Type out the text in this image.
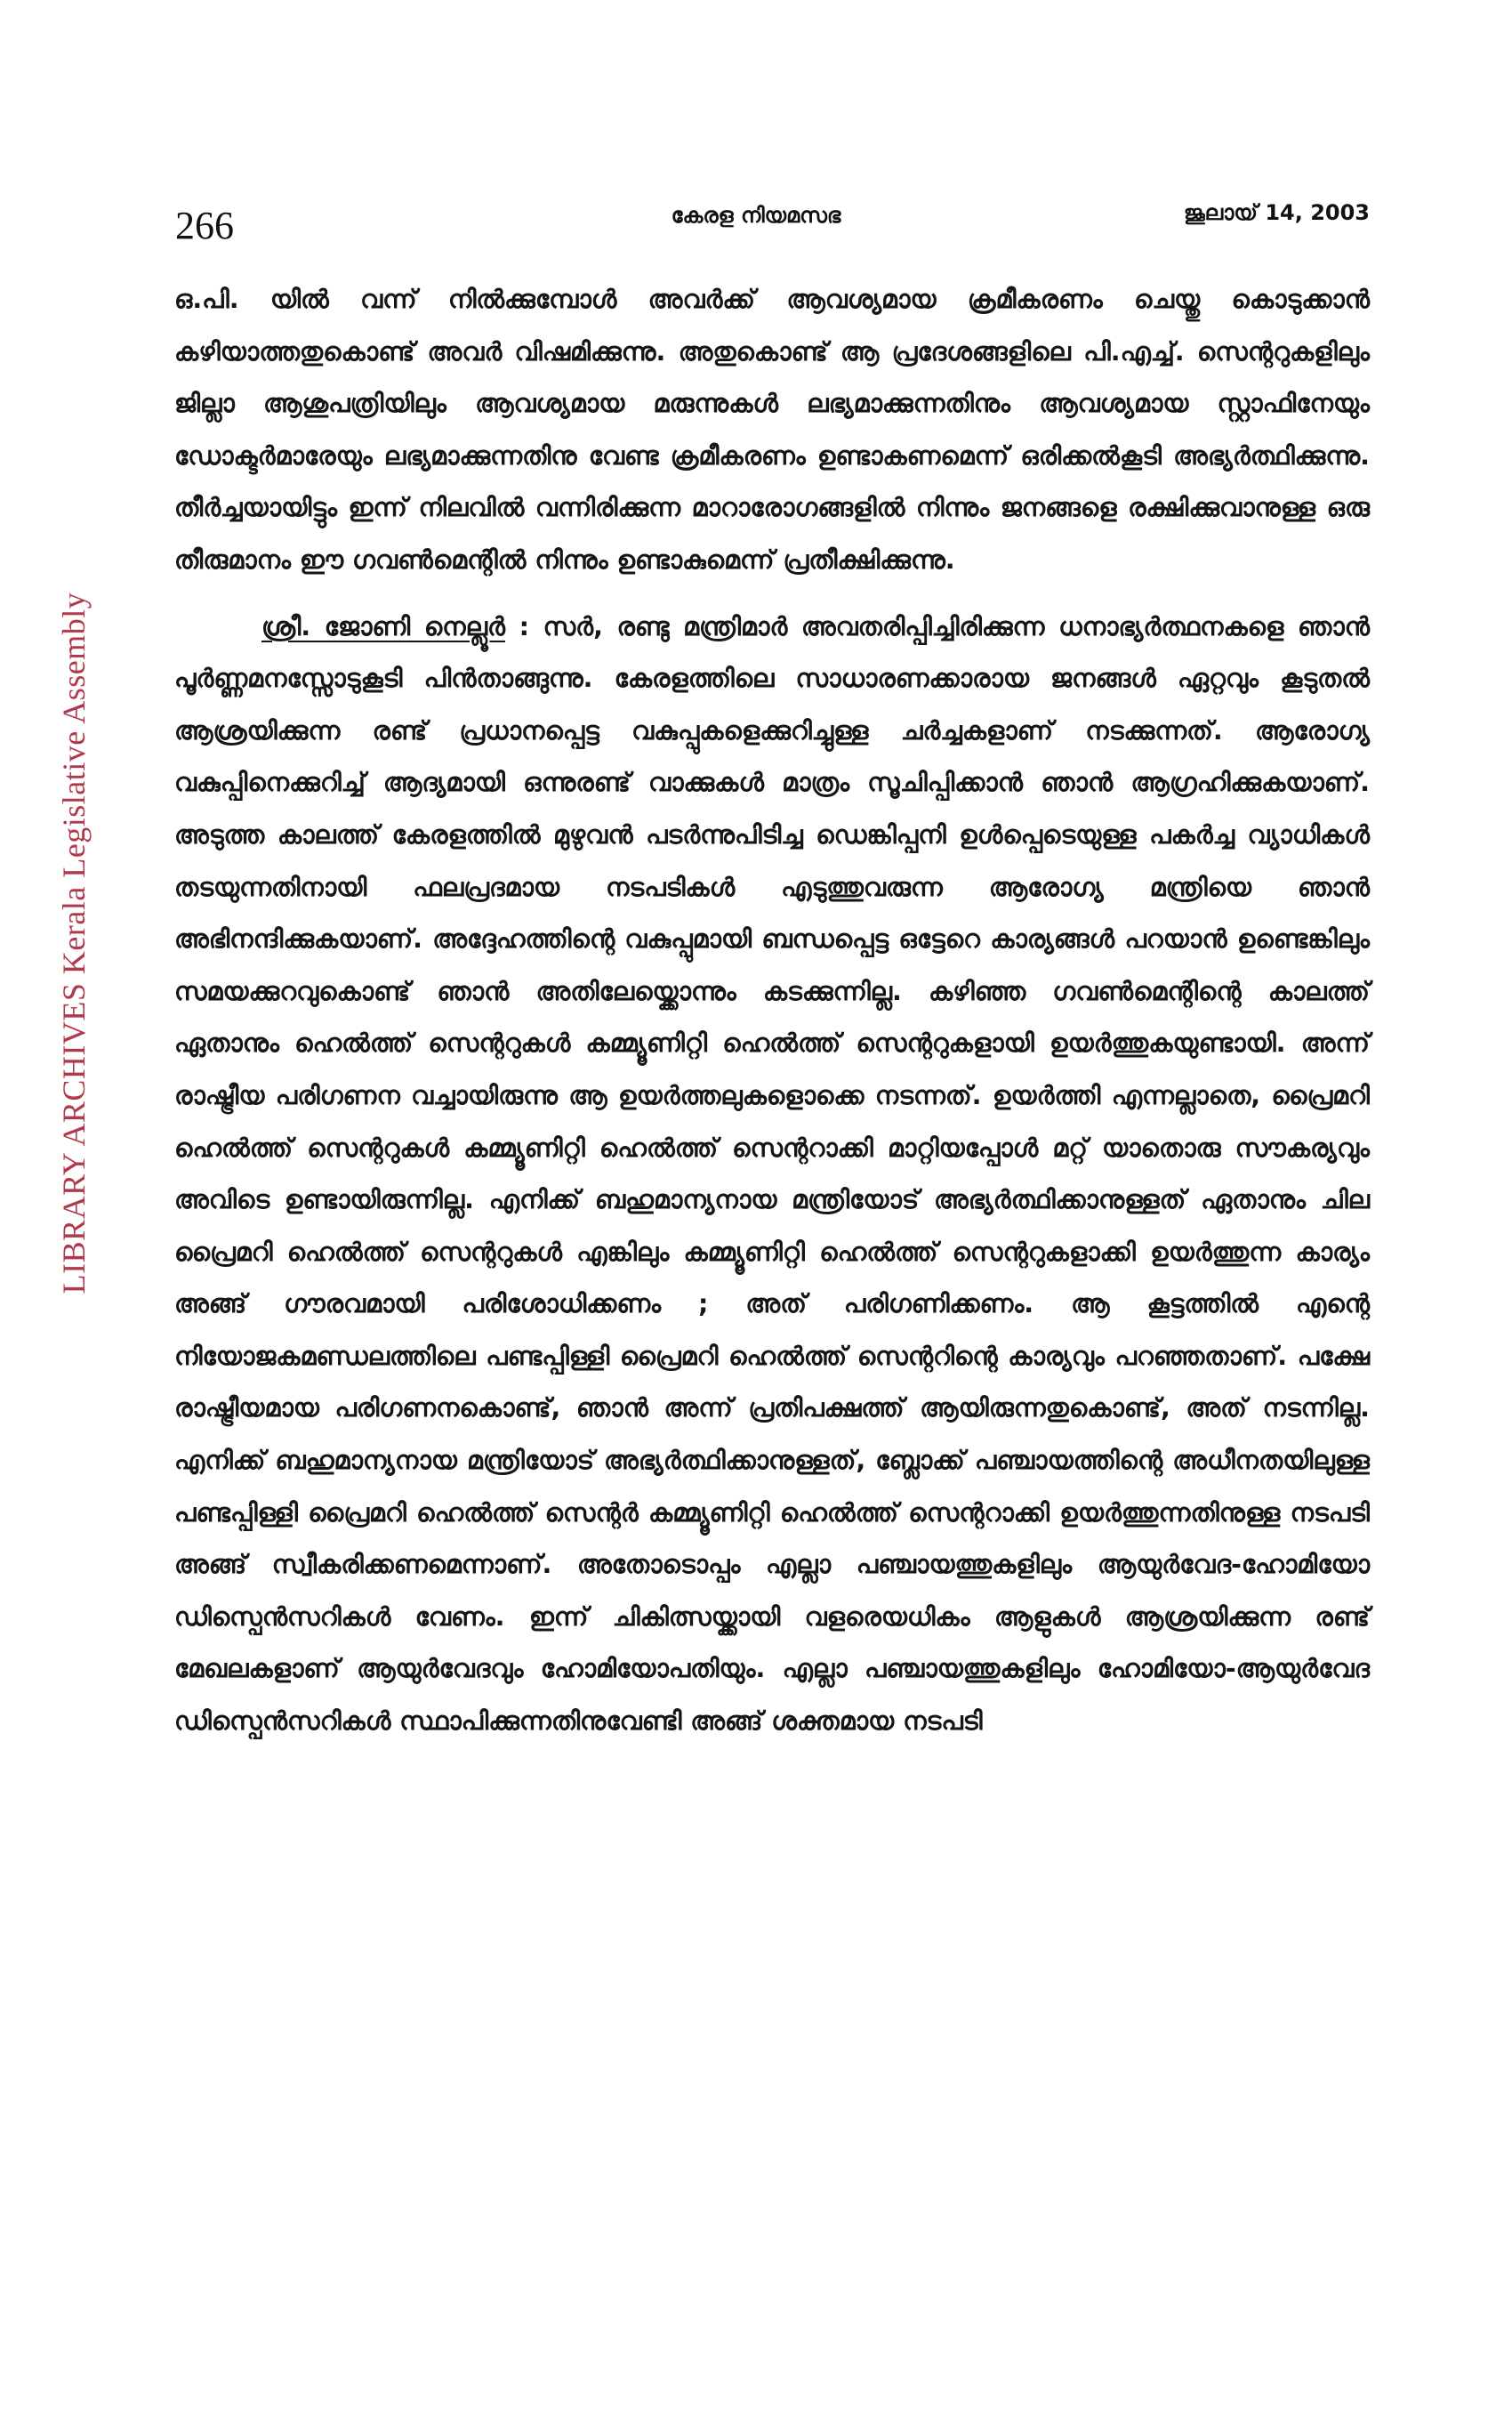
266	കേരള നിയമസഭ	ജൂലായ് 14, 2003
LIBRARY ARCHIVES Kerala Legislative Assembly

ഒ.പി. യിൽ വന്ന് നിൽക്കുമ്പോൾ അവർക്ക് ആവശ്യമായ ക്രമീകരണം ചെയ്തു കൊടുക്കാൻ കഴിയാത്തതുകൊണ്ട് അവർ വിഷമിക്കുന്നു. അതുകൊണ്ട് ആ പ്രദേശങ്ങളിലെ പി.എച്ച്. സെന്ററുകളിലും ജില്ലാ ആശുപത്രിയിലും ആവശ്യമായ മരുന്നുകൾ ലഭ്യമാക്കുന്നതിനും ആവശ്യമായ സ്റ്റാഫിനേയും ഡോക്ടർമാരേയും ലഭ്യമാക്കുന്നതിനു വേണ്ട ക്രമീകരണം ഉണ്ടാകണമെന്ന് ഒരിക്കൽകൂടി അഭ്യർത്ഥിക്കുന്നു. തീർച്ചയായിട്ടും ഇന്ന് നിലവിൽ വന്നിരിക്കുന്ന മാറാരോഗങ്ങളിൽ നിന്നും ജനങ്ങളെ രക്ഷിക്കുവാനുള്ള ഒരു തീരുമാനം ഈ ഗവൺമെന്റിൽ നിന്നും ഉണ്ടാകുമെന്ന് പ്രതീക്ഷിക്കുന്നു.

ശ്രീ. ജോണി നെല്ലൂർ : സർ, രണ്ടു മന്ത്രിമാർ അവതരിപ്പിച്ചിരിക്കുന്ന ധനാഭ്യർത്ഥനകളെ ഞാൻ പൂർണ്ണമനസ്സോടുകൂടി പിൻതാങ്ങുന്നു. കേരളത്തിലെ സാധാരണക്കാരായ ജനങ്ങൾ ഏറ്റവും കൂടുതൽ ആശ്രയിക്കുന്ന രണ്ട് പ്രധാനപ്പെട്ട വകുപ്പുകളെക്കുറിച്ചുള്ള ചർച്ചകളാണ് നടക്കുന്നത്. ആരോഗ്യ വകുപ്പിനെക്കുറിച്ച് ആദ്യമായി ഒന്നുരണ്ട് വാക്കുകൾ മാത്രം സൂചിപ്പിക്കാൻ ഞാൻ ആഗ്രഹിക്കുകയാണ്. അടുത്ത കാലത്ത് കേരളത്തിൽ മുഴുവൻ പടർന്നുപിടിച്ച ഡെങ്കിപ്പനി ഉൾപ്പെടെയുള്ള പകർച്ച വ്യാധികൾ തടയുന്നതിനായി ഫലപ്രദമായ നടപടികൾ എടുത്തുവരുന്ന ആരോഗ്യ മന്ത്രിയെ ഞാൻ അഭിനന്ദിക്കുകയാണ്. അദ്ദേഹത്തിന്റെ വകുപ്പുമായി ബന്ധപ്പെട്ട ഒട്ടേറെ കാര്യങ്ങൾ പറയാൻ ഉണ്ടെങ്കിലും സമയക്കുറവുകൊണ്ട് ഞാൻ അതിലേയ്ക്കൊന്നും കടക്കുന്നില്ല. കഴിഞ്ഞ ഗവൺമെന്റിന്റെ കാലത്ത് ഏതാനും ഹെൽത്ത് സെന്ററുകൾ കമ്മ്യൂണിറ്റി ഹെൽത്ത് സെന്ററുകളായി ഉയർത്തുകയുണ്ടായി. അന്ന് രാഷ്ട്രീയ പരിഗണന വച്ചായിരുന്നു ആ ഉയർത്തലുകളൊക്കെ നടന്നത്. ഉയർത്തി എന്നല്ലാതെ, പ്രൈമറി ഹെൽത്ത് സെന്ററുകൾ കമ്മ്യൂണിറ്റി ഹെൽത്ത് സെന്ററാക്കി മാറ്റിയപ്പോൾ മറ്റ് യാതൊരു സൗകര്യവും അവിടെ ഉണ്ടായിരുന്നില്ല. എനിക്ക് ബഹുമാന്യനായ മന്ത്രിയോട് അഭ്യർത്ഥിക്കാനുള്ളത് ഏതാനും ചില പ്രൈമറി ഹെൽത്ത് സെന്ററുകൾ എങ്കിലും കമ്മ്യൂണിറ്റി ഹെൽത്ത് സെന്ററുകളാക്കി ഉയർത്തുന്ന കാര്യം അങ്ങ് ഗൗരവമായി പരിശോധിക്കണം ; അത് പരിഗണിക്കണം. ആ കൂട്ടത്തിൽ എന്റെ നിയോജകമണ്ഡലത്തിലെ പണ്ടപ്പിള്ളി പ്രൈമറി ഹെൽത്ത് സെന്ററിന്റെ കാര്യവും പറഞ്ഞതാണ്. പക്ഷേ രാഷ്ട്രീയമായ പരിഗണനകൊണ്ട്, ഞാൻ അന്ന് പ്രതിപക്ഷത്ത് ആയിരുന്നതുകൊണ്ട്, അത് നടന്നില്ല. എനിക്ക് ബഹുമാന്യനായ മന്ത്രിയോട് അഭ്യർത്ഥിക്കാനുള്ളത്, ബ്ലോക്ക് പഞ്ചായത്തിന്റെ അധീനതയിലുള്ള പണ്ടപ്പിള്ളി പ്രൈമറി ഹെൽത്ത് സെന്റർ കമ്മ്യൂണിറ്റി ഹെൽത്ത് സെന്ററാക്കി ഉയർത്തുന്നതിനുള്ള നടപടി അങ്ങ് സ്വീകരിക്കണമെന്നാണ്. അതോടൊപ്പം എല്ലാ പഞ്ചായത്തുകളിലും ആയുർവേദ-ഹോമിയോ ഡിസ്പെൻസറികൾ വേണം. ഇന്ന് ചികിത്സയ്ക്കായി വളരെയധികം ആളുകൾ ആശ്രയിക്കുന്ന രണ്ട് മേഖലകളാണ് ആയുർവേദവും ഹോമിയോപതിയും. എല്ലാ പഞ്ചായത്തുകളിലും ഹോമിയോ-ആയുർവേദ ഡിസ്പെൻസറികൾ സ്ഥാപിക്കുന്നതിനുവേണ്ടി അങ്ങ് ശക്തമായ നടപടി
